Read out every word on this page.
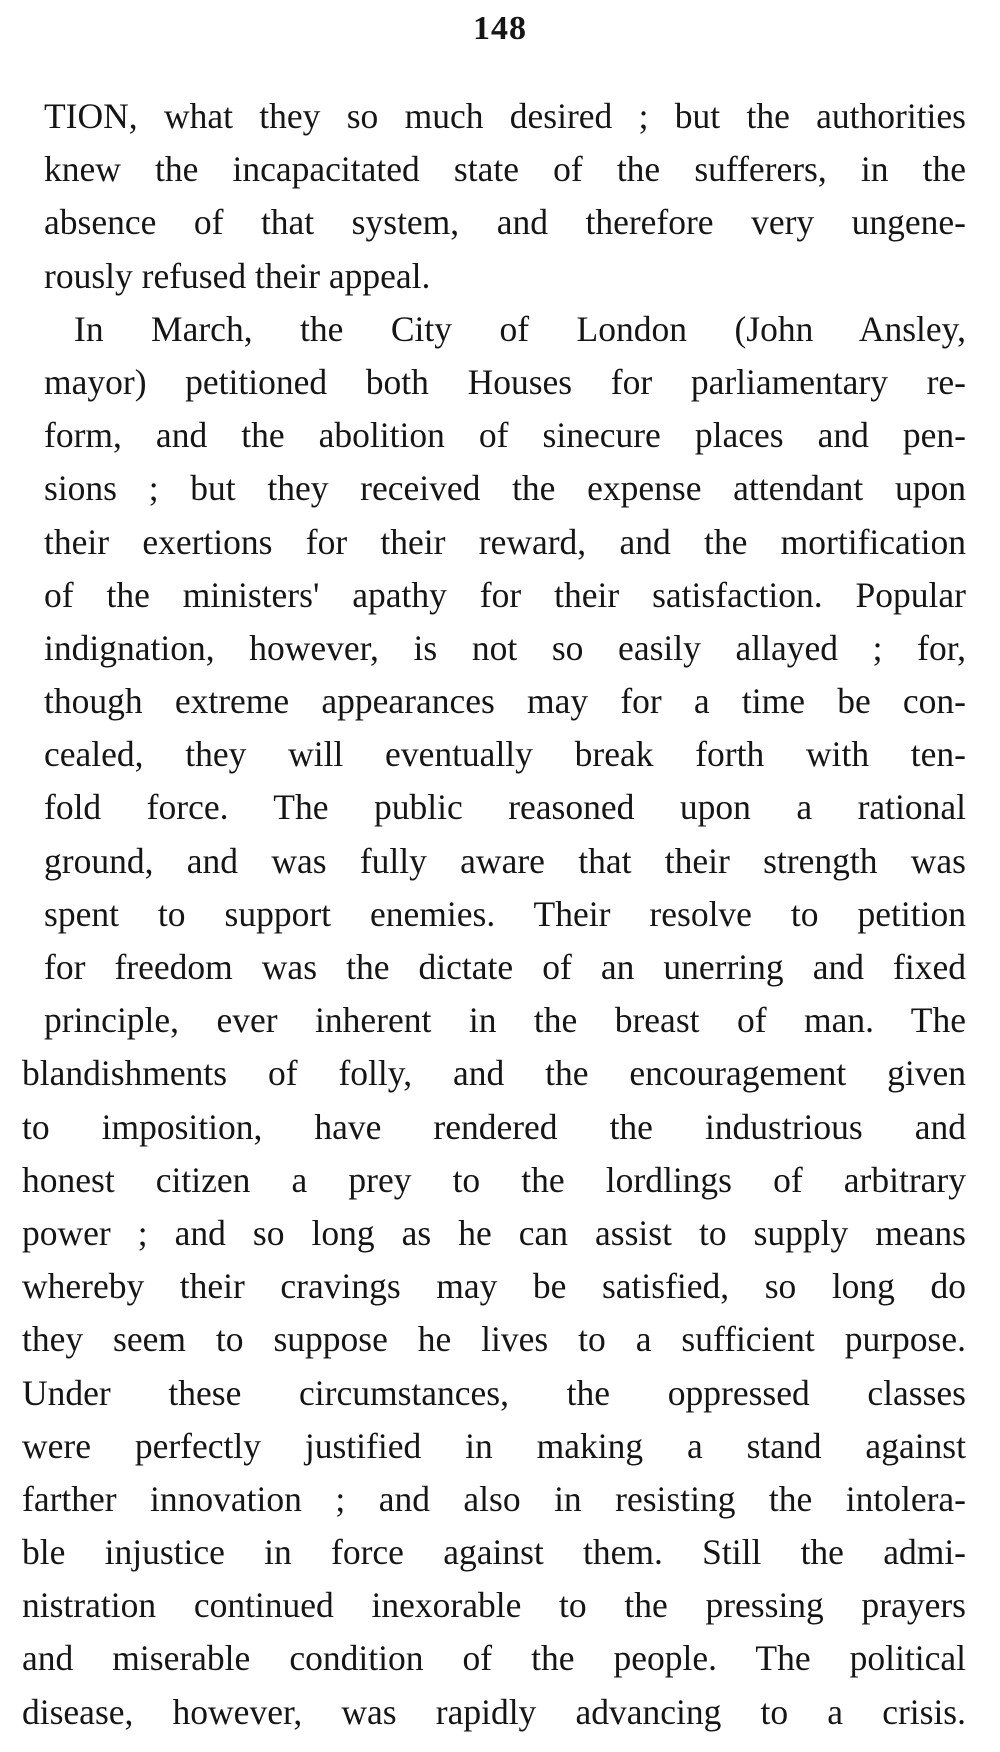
148
TION, what they so much desired ; but the authorities
knew the incapacitated state of the sufferers, in the
absence of that system, and therefore very ungene-
rously refused their appeal.
In March, the City of London (John Ansley,
mayor) petitioned both Houses for parliamentary re-
form, and the abolition of sinecure places and pen-
sions ; but they received the expense attendant upon
their exertions for their reward, and the mortification
of the ministers' apathy for their satisfaction. Popular
indignation, however, is not so easily allayed ; for,
though extreme appearances may for a time be con-
cealed, they will eventually break forth with ten-
fold force. The public reasoned upon a rational
ground, and was fully aware that their strength was
spent to support enemies. Their resolve to petition
for freedom was the dictate of an unerring and fixed
principle, ever inherent in the breast of man. The
blandishments of folly, and the encouragement given
to imposition, have rendered the industrious and
honest citizen a prey to the lordlings of arbitrary
power ; and so long as he can assist to supply means
whereby their cravings may be satisfied, so long do
they seem to suppose he lives to a sufficient purpose.
Under these circumstances, the oppressed classes
were perfectly justified in making a stand against
farther innovation ; and also in resisting the intolera-
ble injustice in force against them. Still the admi-
nistration continued inexorable to the pressing prayers
and miserable condition of the people. The political
disease, however, was rapidly advancing to a crisis.
